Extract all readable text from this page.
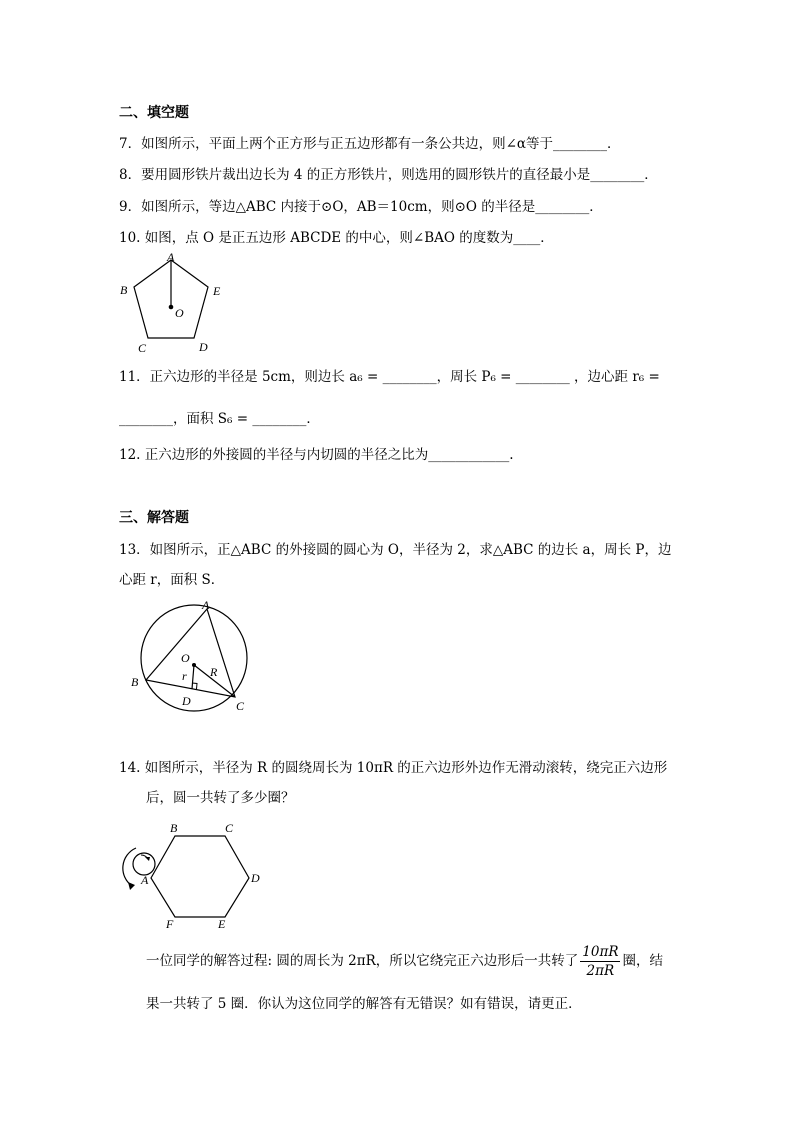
二、填空题
7．如图所示，平面上两个正方形与正五边形都有一条公共边，则∠α等于________．
8．要用圆形铁片裁出边长为 4 的正方形铁片，则选用的圆形铁片的直径最小是________．
9．如图所示，等边△ABC 内接于⊙O，AB＝10cm，则⊙O 的半径是________．
10. 如图，点 O 是正五边形 ABCDE 的中心，则∠BAO 的度数为____．
A
B
C	D
E
O
11．正六边形的半径是 5cm，则边长 a₆ = ________，周长 P₆ = ________ ，边心距 r₆ =
________，面积 S₆ = ________．
12. 正六边形的外接圆的半径与内切圆的半径之比为____________.
三、解答题
13．如图所示，正△ABC 的外接圆的圆心为 O，半径为 2，求△ABC 的边长 a，周长 P，边
心距 r，面积 S．
A
B
C
D
O
R
r
14. 如图所示，半径为 R 的圆绕周长为 10πR 的正六边形外边作无滑动滚转，绕完正六边形
后，圆一共转了多少圈？
A
B	C
D
E
F
一位同学的解答过程: 圆的周长为 2πR，所以它绕完正六边形后一共转了 $\frac{10\pi R}{2\pi R}$ 圈，结
果一共转了 5 圈．你认为这位同学的解答有无错误？如有错误，请更正．
